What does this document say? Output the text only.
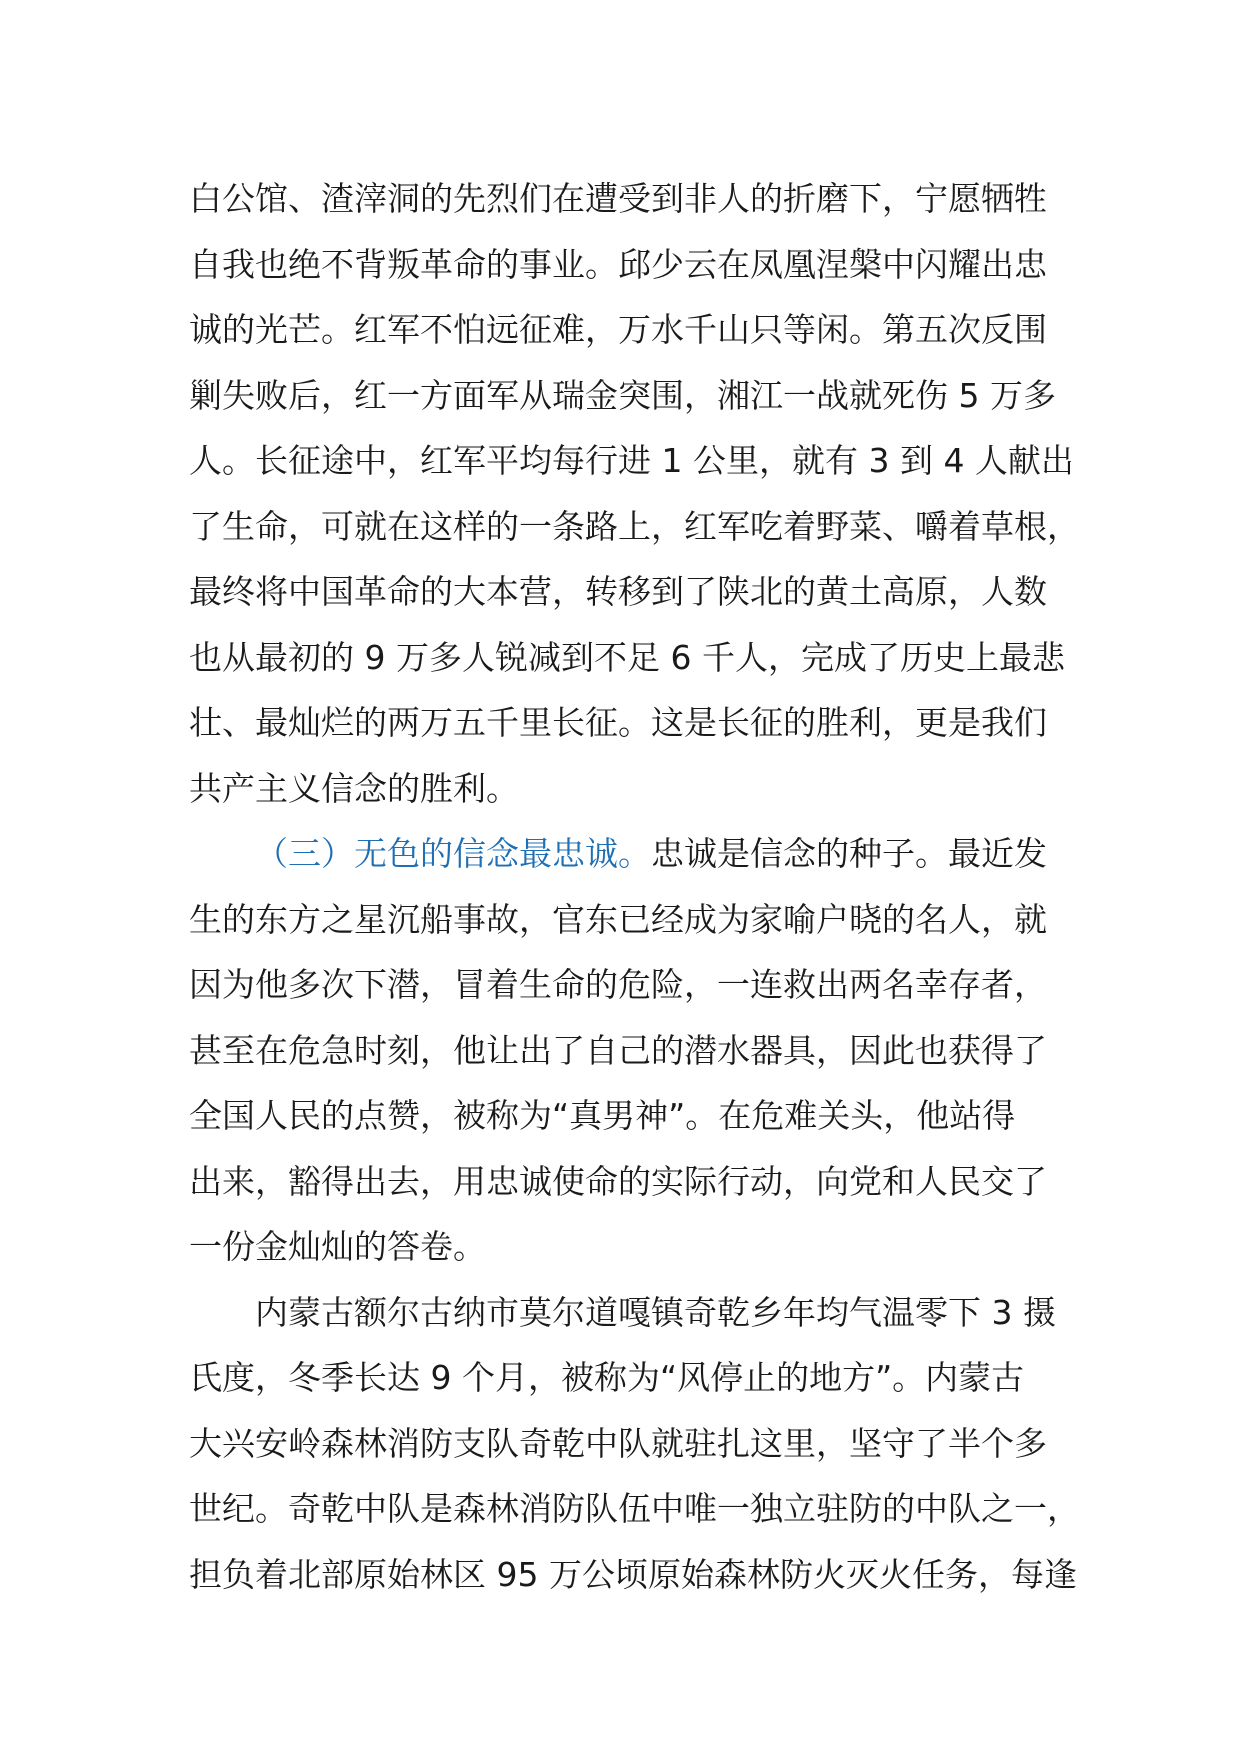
白公馆、渣滓洞的先烈们在遭受到非人的折磨下，宁愿牺牲
自我也绝不背叛革命的事业。邱少云在凤凰涅槃中闪耀出忠
诚的光芒。红军不怕远征难，万水千山只等闲。第五次反围
剿失败后，红一方面军从瑞金突围，湘江一战就死伤 5 万多
人。长征途中，红军平均每行进 1 公里，就有 3 到 4 人献出
了生命，可就在这样的一条路上，红军吃着野菜、嚼着草根，
最终将中国革命的大本营，转移到了陕北的黄土高原，人数
也从最初的 9 万多人锐减到不足 6 千人，完成了历史上最悲
壮、最灿烂的两万五千里长征。这是长征的胜利，更是我们
共产主义信念的胜利。
（三）无色的信念最忠诚。忠诚是信念的种子。最近发
生的东方之星沉船事故，官东已经成为家喻户晓的名人，就
因为他多次下潜，冒着生命的危险，一连救出两名幸存者，
甚至在危急时刻，他让出了自己的潜水器具，因此也获得了
全国人民的点赞，被称为“真男神”。在危难关头，他站得
出来，豁得出去，用忠诚使命的实际行动，向党和人民交了
一份金灿灿的答卷。
内蒙古额尔古纳市莫尔道嘎镇奇乾乡年均气温零下 3 摄
氏度，冬季长达 9 个月，被称为“风停止的地方”。内蒙古
大兴安岭森林消防支队奇乾中队就驻扎这里，坚守了半个多
世纪。奇乾中队是森林消防队伍中唯一独立驻防的中队之一，
担负着北部原始林区 95 万公顷原始森林防火灭火任务，每逢
